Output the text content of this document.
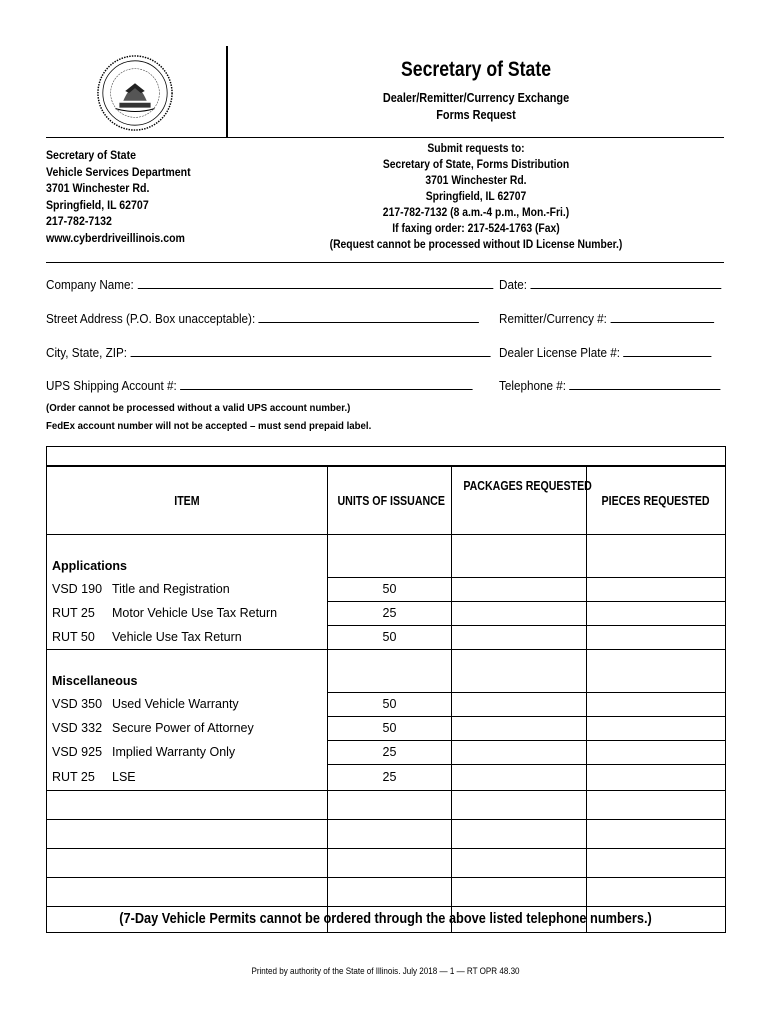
Secretary of State
Dealer/Remitter/Currency Exchange
Forms Request
Secretary of State
Vehicle Services Department
3701 Winchester Rd.
Springfield, IL 62707
217-782-7132
www.cyberdriveillinois.com
Submit requests to:
Secretary of State, Forms Distribution
3701 Winchester Rd.
Springfield, IL 62707
217-782-7132 (8 a.m.-4 p.m., Mon.-Fri.)
If faxing order: 217-524-1763 (Fax)
(Request cannot be processed without ID License Number.)
Company Name:	Date:
Street Address (P.O. Box unacceptable):	Remitter/Currency #:
City, State, ZIP:	Dealer License Plate #:
UPS Shipping Account #:	Telephone #:
(Order cannot be processed without a valid UPS account number.)
FedEx account number will not be accepted – must send prepaid label.

ITEM	UNITS OF ISSUANCE	PACKAGES REQUESTED	PIECES REQUESTED
Applications			
VSD 190 Title and Registration	50		
RUT 25 Motor Vehicle Use Tax Return	25		
RUT 50 Vehicle Use Tax Return	50		
Miscellaneous			
VSD 350 Used Vehicle Warranty	50		
VSD 332 Secure Power of Attorney	50		
VSD 925 Implied Warranty Only	25		
RUT 25 LSE	25		

(7-Day Vehicle Permits cannot be ordered through the above listed telephone numbers.)
Printed by authority of the State of Illinois. July 2018 — 1 — RT OPR 48.30
